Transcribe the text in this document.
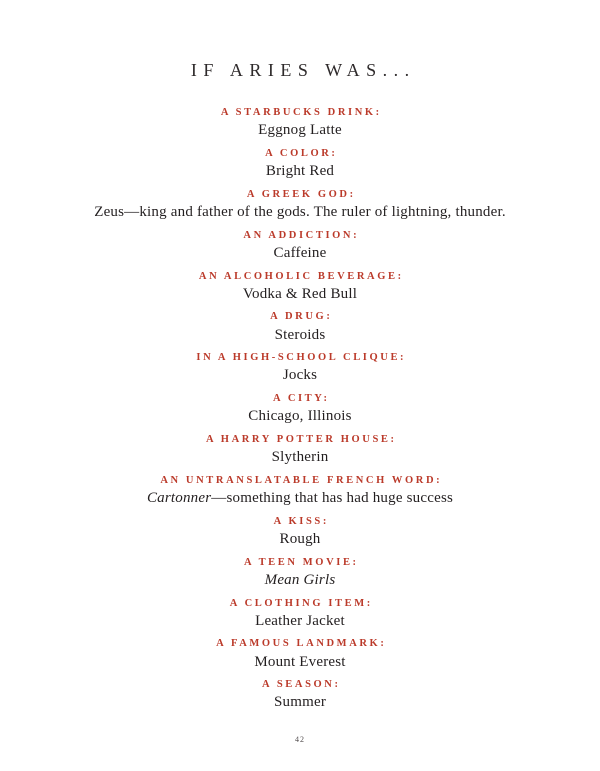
IF ARIES WAS...
A STARBUCKS DRINK:
Eggnog Latte
A COLOR:
Bright Red
A GREEK GOD:
Zeus—king and father of the gods. The ruler of lightning, thunder.
AN ADDICTION:
Caffeine
AN ALCOHOLIC BEVERAGE:
Vodka & Red Bull
A DRUG:
Steroids
IN A HIGH-SCHOOL CLIQUE:
Jocks
A CITY:
Chicago, Illinois
A HARRY POTTER HOUSE:
Slytherin
AN UNTRANSLATABLE FRENCH WORD:
Cartonner—something that has had huge success
A KISS:
Rough
A TEEN MOVIE:
Mean Girls
A CLOTHING ITEM:
Leather Jacket
A FAMOUS LANDMARK:
Mount Everest
A SEASON:
Summer
42
